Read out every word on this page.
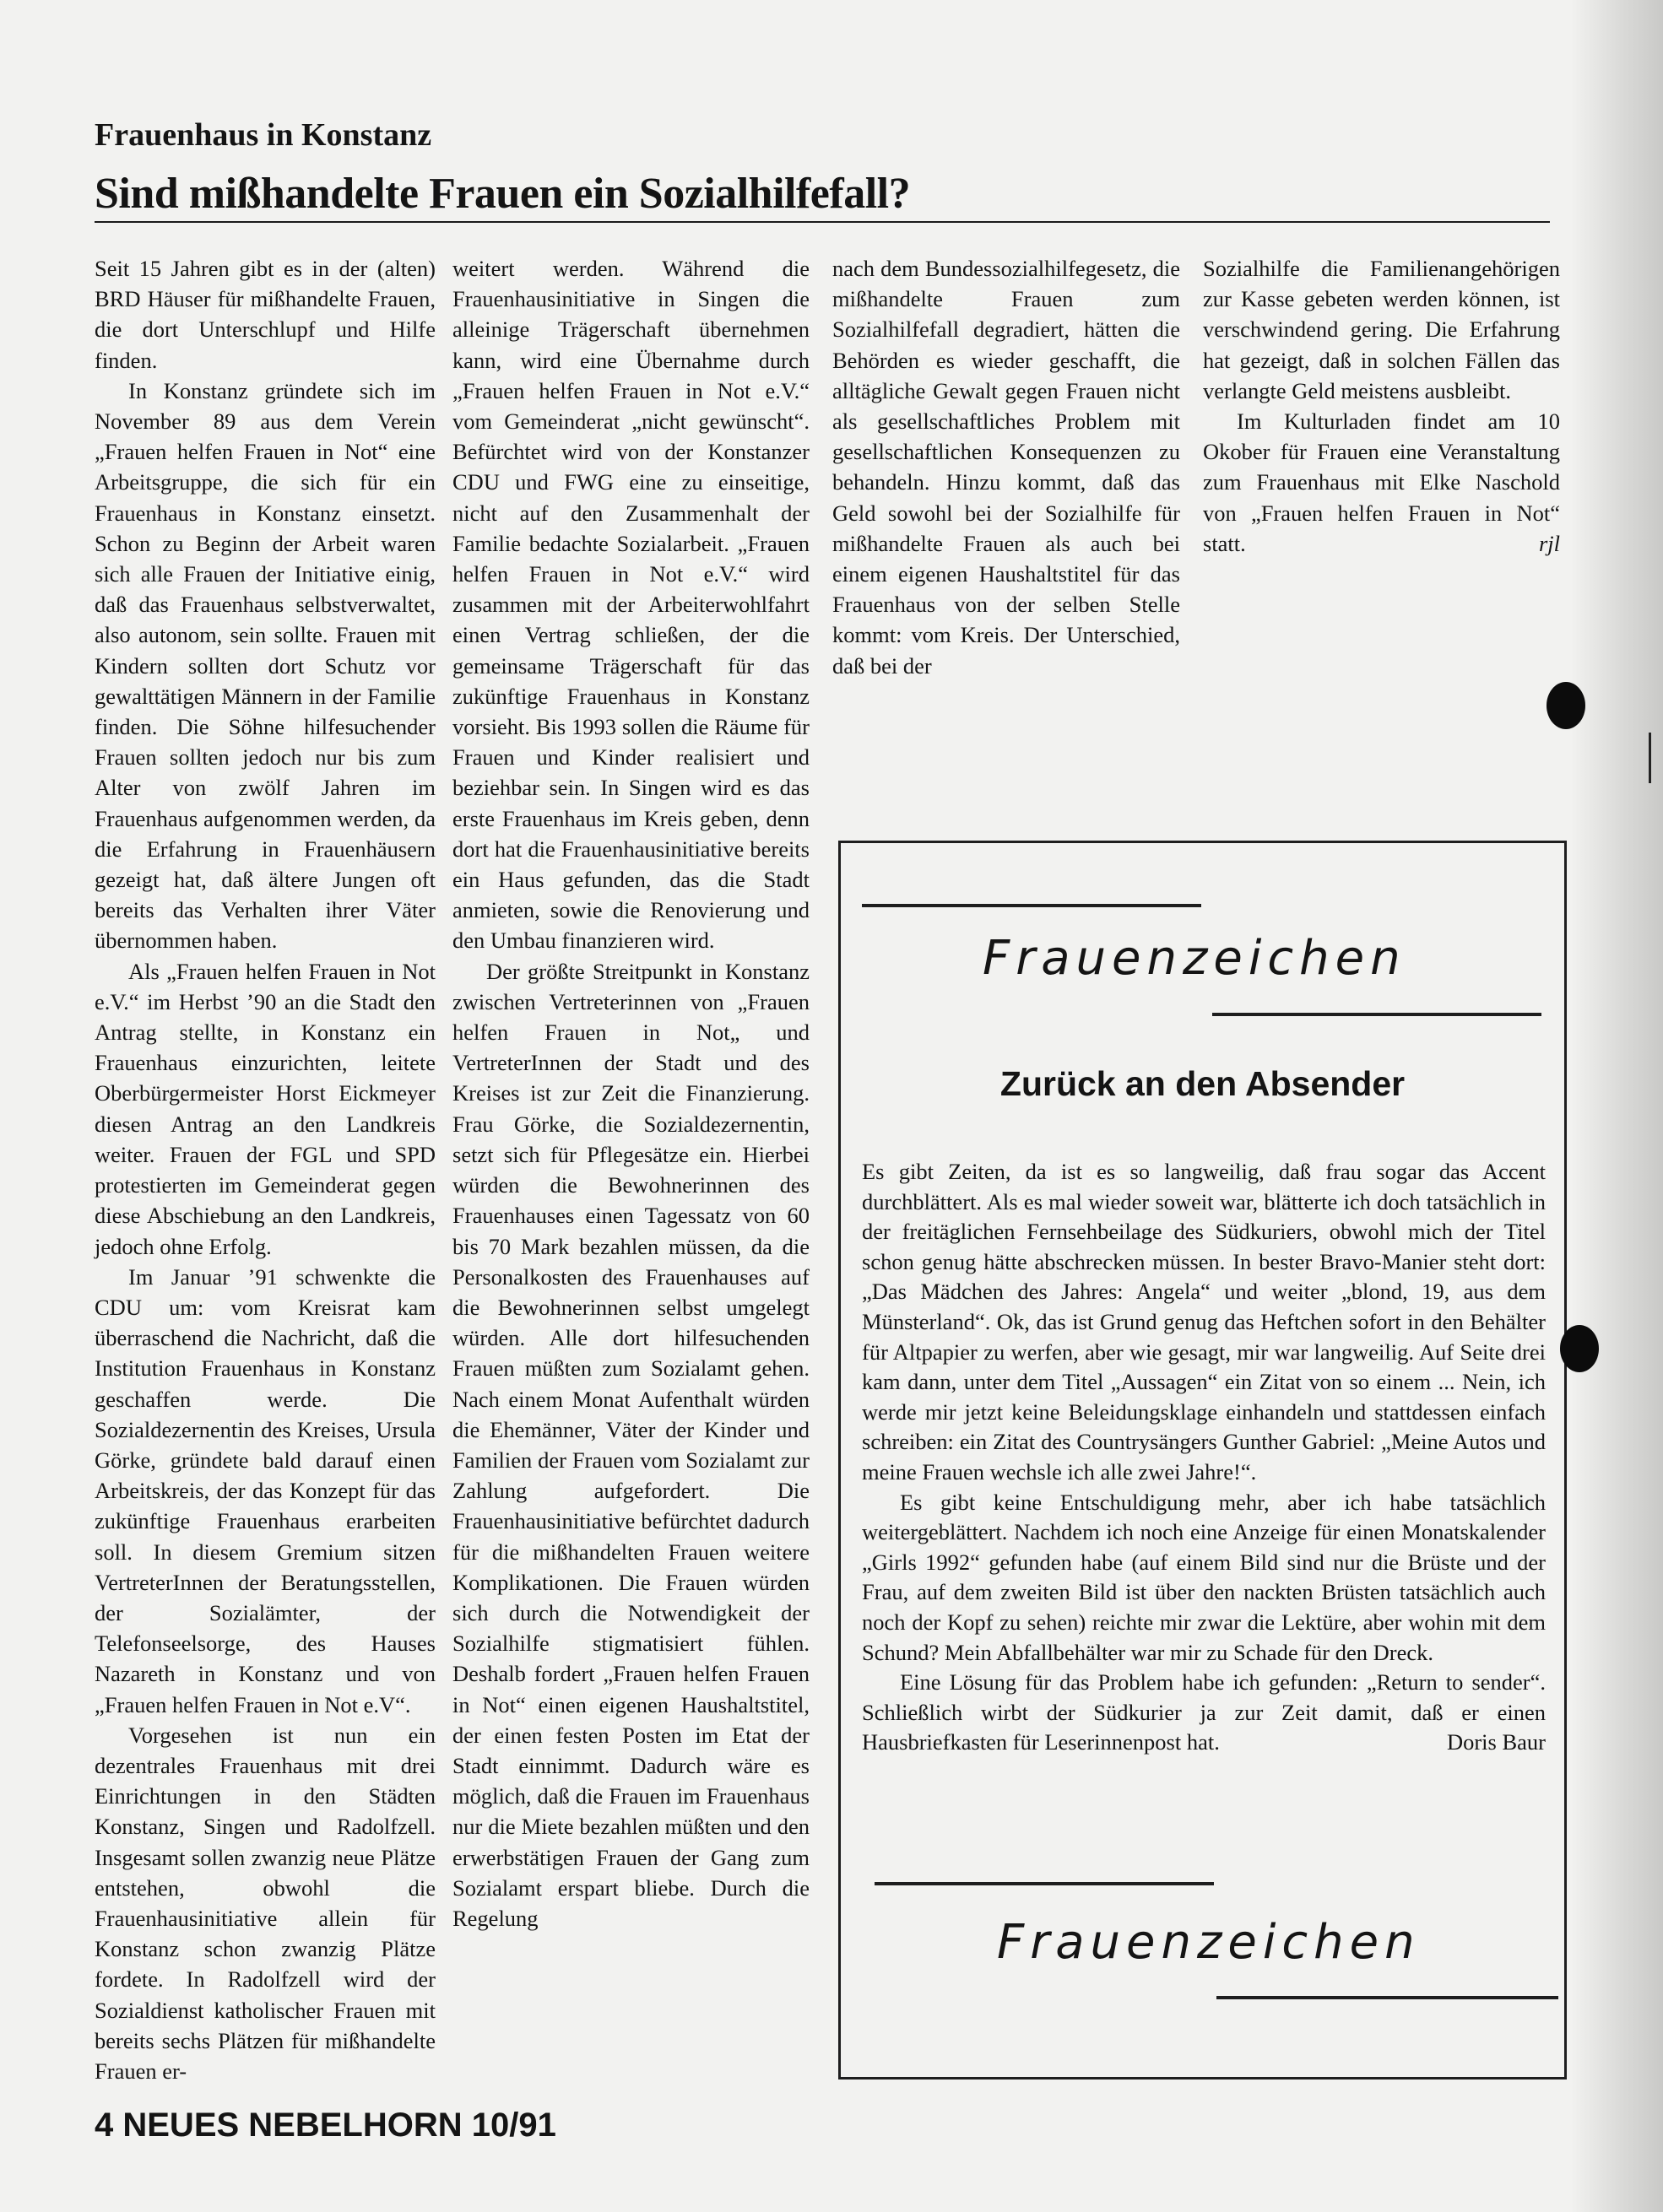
Frauenhaus in Konstanz
Sind mißhandelte Frauen ein Sozialhilfefall?

Seit 15 Jahren gibt es in der (alten) BRD Häuser für mißhandelte Frauen, die dort Unterschlupf und Hilfe finden.

In Konstanz gründete sich im November 89 aus dem Verein „Frauen helfen Frauen in Not“ eine Arbeitsgruppe, die sich für ein Frauenhaus in Konstanz einsetzt. Schon zu Beginn der Arbeit waren sich alle Frauen der Initiative einig, daß das Frauenhaus selbstverwaltet, also autonom, sein sollte. Frauen mit Kindern sollten dort Schutz vor gewalttätigen Männern in der Familie finden. Die Söhne hilfesuchender Frauen sollten jedoch nur bis zum Alter von zwölf Jahren im Frauenhaus aufgenommen werden, da die Erfahrung in Frauenhäusern gezeigt hat, daß ältere Jungen oft bereits das Verhalten ihrer Väter übernommen haben.

Als „Frauen helfen Frauen in Not e.V.“ im Herbst ’90 an die Stadt den Antrag stellte, in Konstanz ein Frauenhaus einzurichten, leitete Oberbürgermeister Horst Eickmeyer diesen Antrag an den Landkreis weiter. Frauen der FGL und SPD protestierten im Gemeinderat gegen diese Abschiebung an den Landkreis, jedoch ohne Erfolg.

Im Januar ’91 schwenkte die CDU um: vom Kreisrat kam überraschend die Nachricht, daß die Institution Frauenhaus in Konstanz geschaffen werde. Die Sozialdezernentin des Kreises, Ursula Görke, gründete bald darauf einen Arbeitskreis, der das Konzept für das zukünftige Frauenhaus erarbeiten soll. In diesem Gremium sitzen VertreterInnen der Beratungsstellen, der Sozialämter, der Telefonseelsorge, des Hauses Nazareth in Konstanz und von „Frauen helfen Frauen in Not e.V“.

Vorgesehen ist nun ein dezentrales Frauenhaus mit drei Einrichtungen in den Städten Konstanz, Singen und Radolfzell. Insgesamt sollen zwanzig neue Plätze entstehen, obwohl die Frauenhausinitiative allein für Konstanz schon zwanzig Plätze fordete. In Radolfzell wird der Sozialdienst katholischer Frauen mit bereits sechs Plätzen für mißhandelte Frauen er-

weitert werden. Während die Frauenhausinitiative in Singen die alleinige Trägerschaft übernehmen kann, wird eine Übernahme durch „Frauen helfen Frauen in Not e.V.“ vom Gemeinderat „nicht gewünscht“. Befürchtet wird von der Konstanzer CDU und FWG eine zu einseitige, nicht auf den Zusammenhalt der Familie bedachte Sozialarbeit. „Frauen helfen Frauen in Not e.V.“ wird zusammen mit der Arbeiterwohlfahrt einen Vertrag schließen, der die gemeinsame Trägerschaft für das zukünftige Frauenhaus in Konstanz vorsieht. Bis 1993 sollen die Räume für Frauen und Kinder realisiert und beziehbar sein. In Singen wird es das erste Frauenhaus im Kreis geben, denn dort hat die Frauenhausinitiative bereits ein Haus gefunden, das die Stadt anmieten, sowie die Renovierung und den Umbau finanzieren wird.

Der größte Streitpunkt in Konstanz zwischen Vertreterinnen von „Frauen helfen Frauen in Not„ und VertreterInnen der Stadt und des Kreises ist zur Zeit die Finanzierung. Frau Görke, die Sozialdezernentin, setzt sich für Pflegesätze ein. Hierbei würden die Bewohnerinnen des Frauenhauses einen Tagessatz von 60 bis 70 Mark bezahlen müssen, da die Personalkosten des Frauenhauses auf die Bewohnerinnen selbst umgelegt würden. Alle dort hilfesuchenden Frauen müßten zum Sozialamt gehen. Nach einem Monat Aufenthalt würden die Ehemänner, Väter der Kinder und Familien der Frauen vom Sozialamt zur Zahlung aufgefordert. Die Frauenhausinitiative befürchtet dadurch für die mißhandelten Frauen weitere Komplikationen. Die Frauen würden sich durch die Notwendigkeit der Sozialhilfe stigmatisiert fühlen. Deshalb fordert „Frauen helfen Frauen in Not“ einen eigenen Haushaltstitel, der einen festen Posten im Etat der Stadt einnimmt. Dadurch wäre es möglich, daß die Frauen im Frauenhaus nur die Miete bezahlen müßten und den erwerbstätigen Frauen der Gang zum Sozialamt erspart bliebe. Durch die Regelung

nach dem Bundessozialhilfegesetz, die mißhandelte Frauen zum Sozialhilfefall degradiert, hätten die Behörden es wieder geschafft, die alltägliche Gewalt gegen Frauen nicht als gesellschaftliches Problem mit gesellschaftlichen Konsequenzen zu behandeln. Hinzu kommt, daß das Geld sowohl bei der Sozialhilfe für mißhandelte Frauen als auch bei einem eigenen Haushaltstitel für das Frauenhaus von der selben Stelle kommt: vom Kreis. Der Unterschied, daß bei der

Sozialhilfe die Familienangehörigen zur Kasse gebeten werden können, ist verschwindend gering. Die Erfahrung hat gezeigt, daß in solchen Fällen das verlangte Geld meistens ausbleibt.

Im Kulturladen findet am 10 Okober für Frauen eine Veranstaltung zum Frauenhaus mit Elke Naschold von „Frauen helfen Frauen in Not“ statt.	rjl

Frauenzeichen
Zurück an den Absender

Es gibt Zeiten, da ist es so langweilig, daß frau sogar das Accent durchblättert. Als es mal wieder soweit war, blätterte ich doch tatsächlich in der freitäglichen Fernsehbeilage des Südkuriers, obwohl mich der Titel schon genug hätte abschrecken müssen. In bester Bravo-Manier steht dort: „Das Mädchen des Jahres: Angela“ und weiter „blond, 19, aus dem Münsterland“. Ok, das ist Grund genug das Heftchen sofort in den Behälter für Altpapier zu werfen, aber wie gesagt, mir war langweilig. Auf Seite drei kam dann, unter dem Titel „Aussagen“ ein Zitat von so einem ... Nein, ich werde mir jetzt keine Beleidungsklage einhandeln und stattdessen einfach schreiben: ein Zitat des Countrysängers Gunther Gabriel: „Meine Autos und meine Frauen wechsle ich alle zwei Jahre!“.

Es gibt keine Entschuldigung mehr, aber ich habe tatsächlich weitergeblättert. Nachdem ich noch eine Anzeige für einen Monatskalender „Girls 1992“ gefunden habe (auf einem Bild sind nur die Brüste und der Frau, auf dem zweiten Bild ist über den nackten Brüsten tatsächlich auch noch der Kopf zu sehen) reichte mir zwar die Lektüre, aber wohin mit dem Schund? Mein Abfallbehälter war mir zu Schade für den Dreck.

Eine Lösung für das Problem habe ich gefunden: „Return to sender“. Schließlich wirbt der Südkurier ja zur Zeit damit, daß er einen Hausbriefkasten für Leserinnenpost hat.	Doris Baur

Frauenzeichen
4 NEUES NEBELHORN 10/91
